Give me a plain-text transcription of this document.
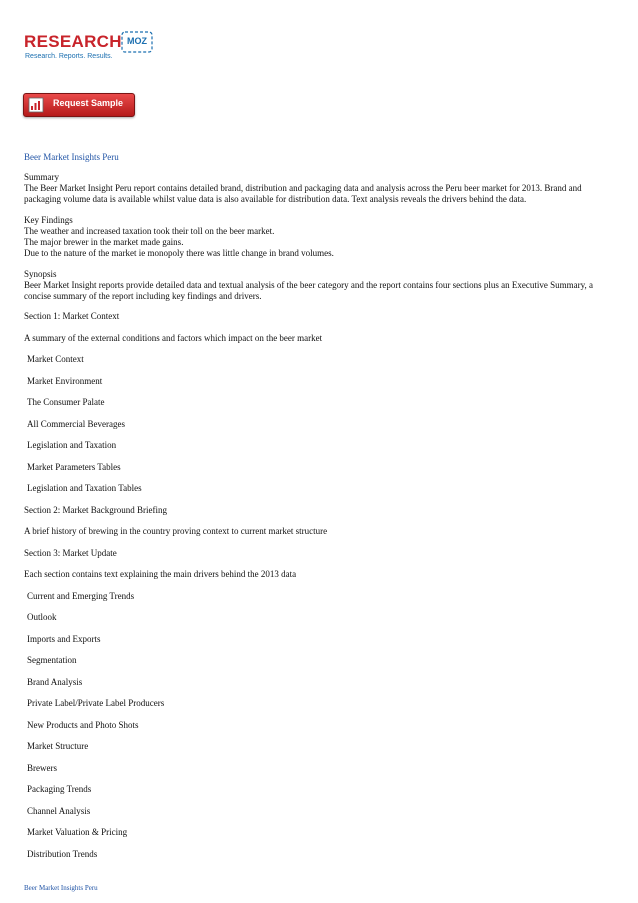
RESEARCH MOZ
Research. Reports. Results.
Request Sample
Beer Market Insights Peru
Summary
The Beer Market Insight Peru report contains detailed brand, distribution and packaging data and analysis across the Peru beer market for 2013. Brand and
packaging volume data is available whilst value data is also available for distribution data. Text analysis reveals the drivers behind the data.
Key Findings
The weather and increased taxation took their toll on the beer market.
The major brewer in the market made gains.
Due to the nature of the market ie monopoly there was little change in brand volumes.
Synopsis
Beer Market Insight reports provide detailed data and textual analysis of the beer category and the report contains four sections plus an Executive Summary, a
concise summary of the report including key findings and drivers.
Section 1: Market Context
A summary of the external conditions and factors which impact on the beer market
Market Context
Market Environment
The Consumer Palate
All Commercial Beverages
Legislation and Taxation
Market Parameters Tables
Legislation and Taxation Tables
Section 2: Market Background Briefing
A brief history of brewing in the country proving context to current market structure
Section 3: Market Update
Each section contains text explaining the main drivers behind the 2013 data
Current and Emerging Trends
Outlook
Imports and Exports
Segmentation
Brand Analysis
Private Label/Private Label Producers
New Products and Photo Shots
Market Structure
Brewers
Packaging Trends
Channel Analysis
Market Valuation & Pricing
Distribution Trends
Beer Market Insights Peru
